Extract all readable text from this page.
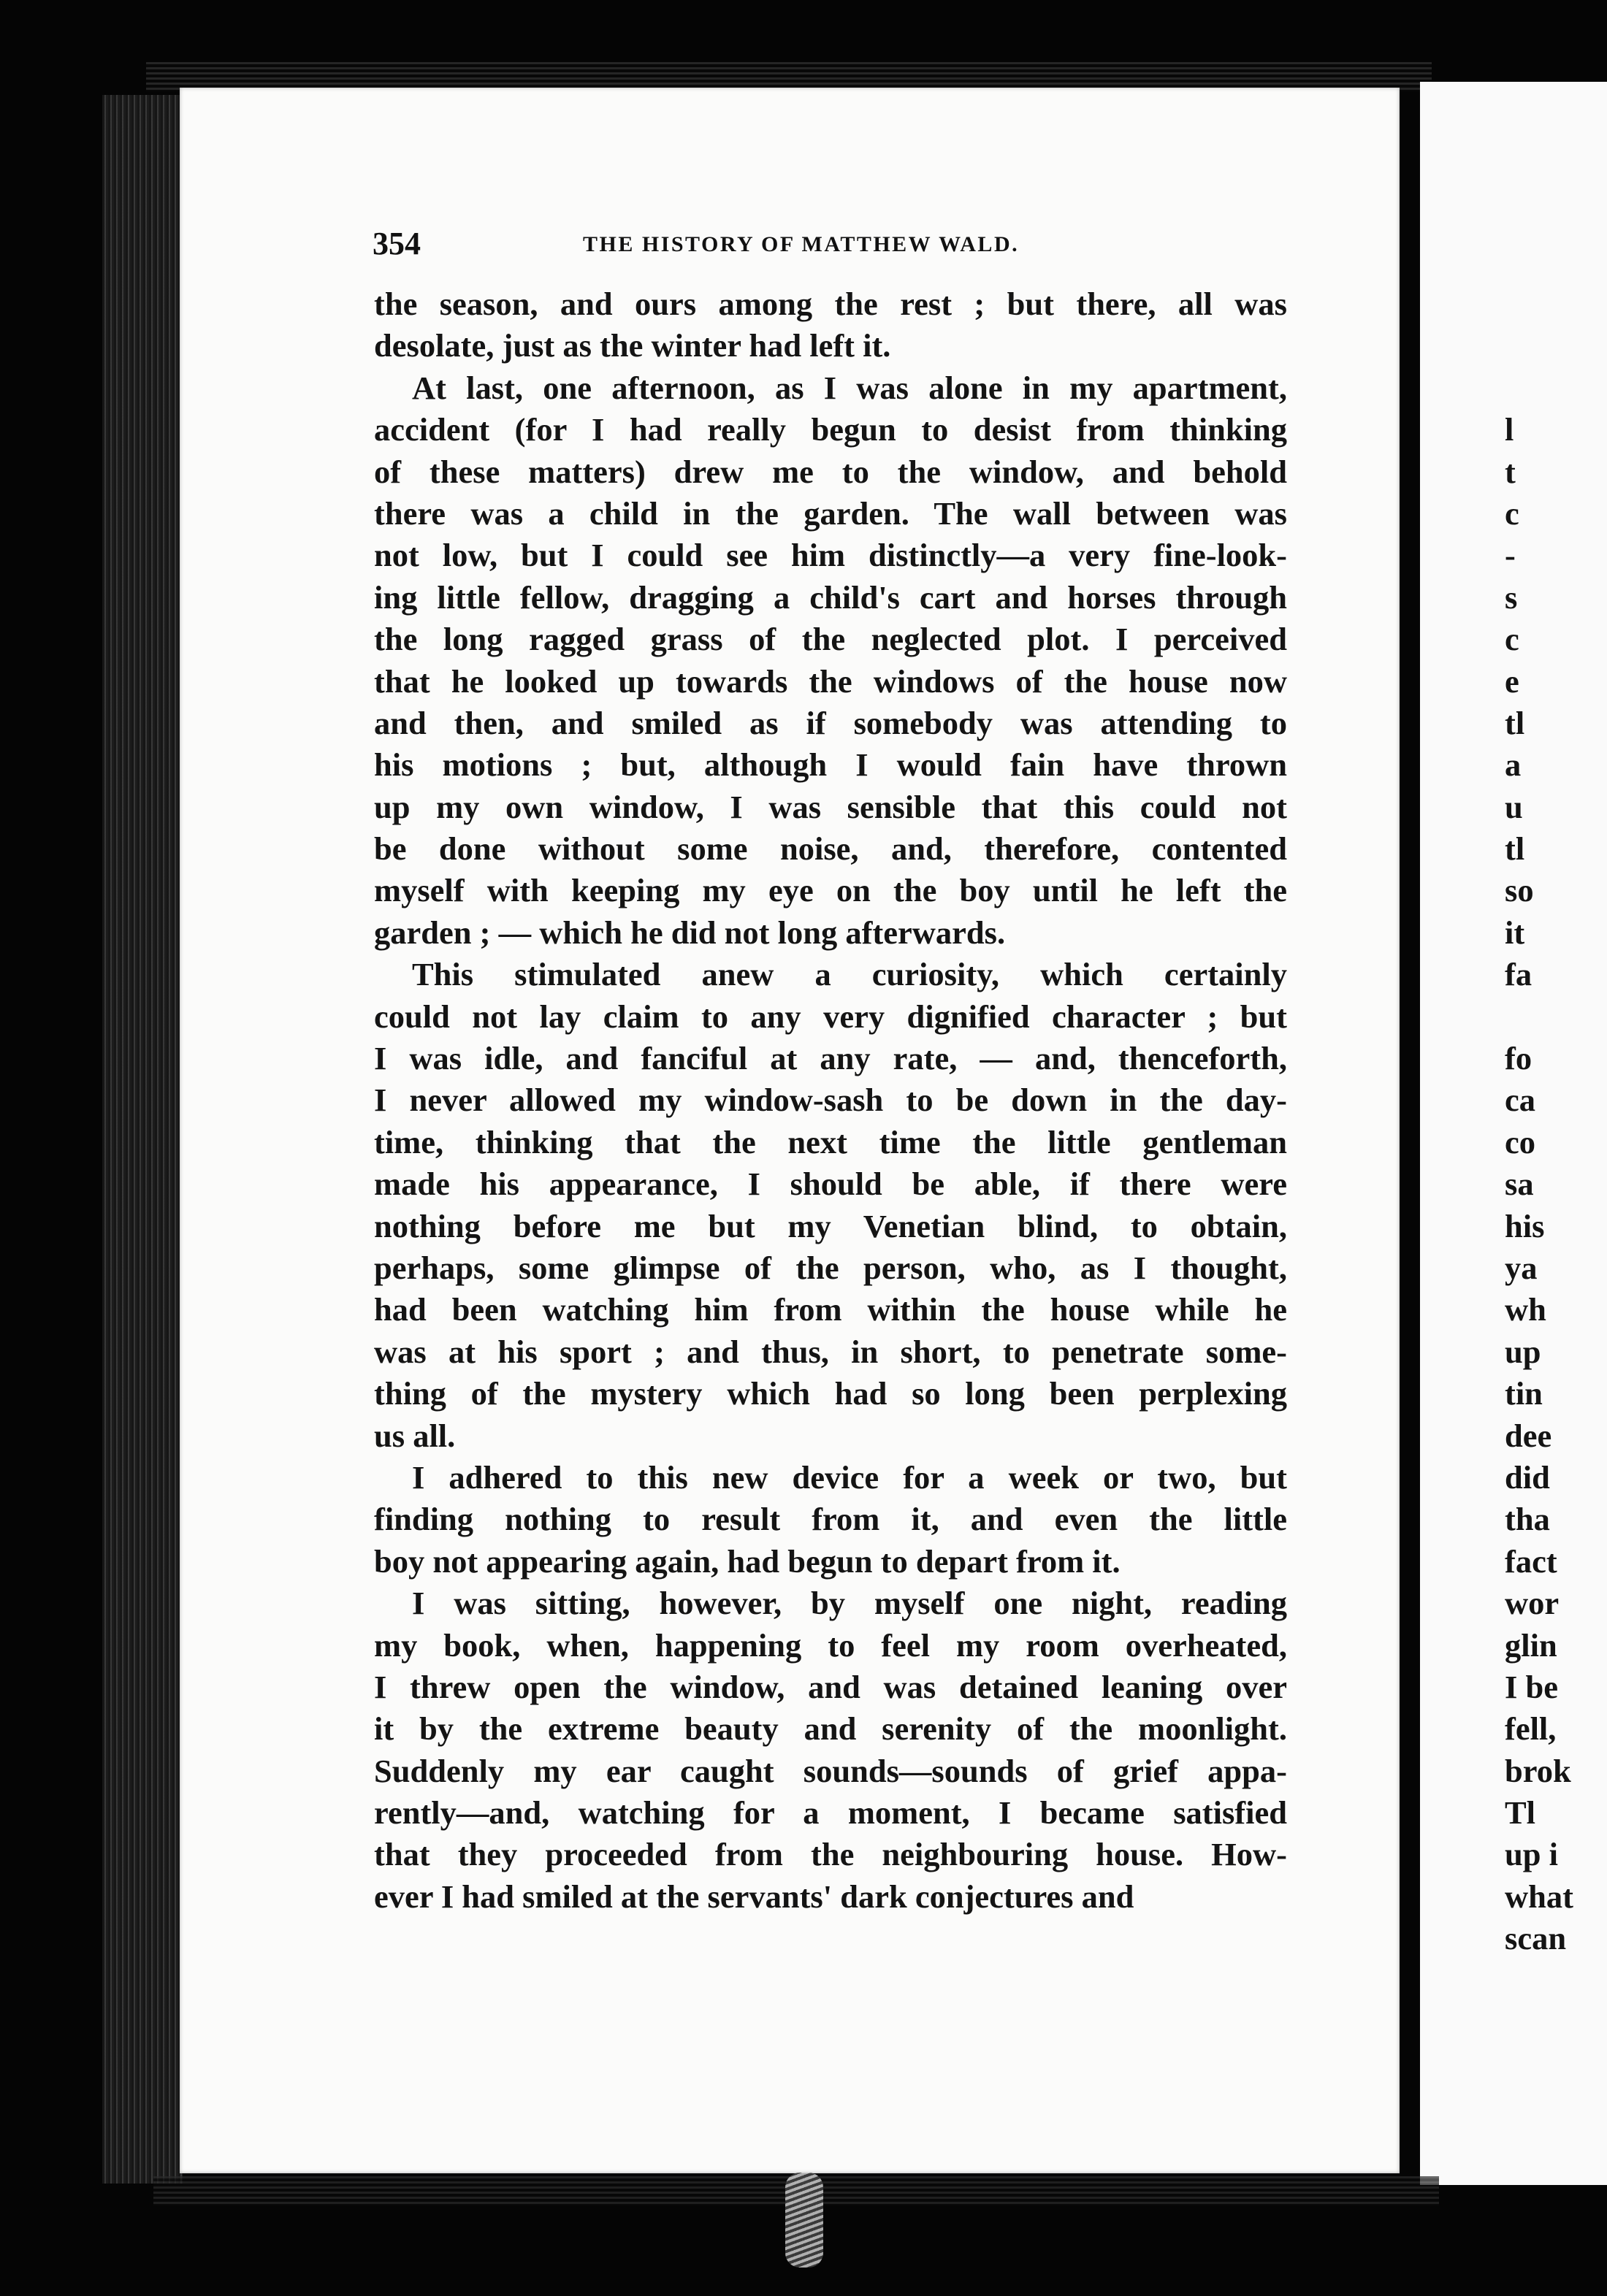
354	THE HISTORY OF MATTHEW WALD.
the season, and ours among the rest ; but there, all was
desolate, just as the winter had left it.
At last, one afternoon, as I was alone in my apartment,
accident (for I had really begun to desist from thinking
of these matters) drew me to the window, and behold
there was a child in the garden. The wall between was
not low, but I could see him distinctly—a very fine-look-
ing little fellow, dragging a child's cart and horses through
the long ragged grass of the neglected plot. I perceived
that he looked up towards the windows of the house now
and then, and smiled as if somebody was attending to
his motions ; but, although I would fain have thrown
up my own window, I was sensible that this could not
be done without some noise, and, therefore, contented
myself with keeping my eye on the boy until he left the
garden ; — which he did not long afterwards.
This stimulated anew a curiosity, which certainly
could not lay claim to any very dignified character ; but
I was idle, and fanciful at any rate, — and, thenceforth,
I never allowed my window-sash to be down in the day-
time, thinking that the next time the little gentleman
made his appearance, I should be able, if there were
nothing before me but my Venetian blind, to obtain,
perhaps, some glimpse of the person, who, as I thought,
had been watching him from within the house while he
was at his sport ; and thus, in short, to penetrate some-
thing of the mystery which had so long been perplexing
us all.
I adhered to this new device for a week or two, but
finding nothing to result from it, and even the little
boy not appearing again, had begun to depart from it.
I was sitting, however, by myself one night, reading
my book, when, happening to feel my room overheated,
I threw open the window, and was detained leaning over
it by the extreme beauty and serenity of the moonlight.
Suddenly my ear caught sounds—sounds of grief appa-
rently—and, watching for a moment, I became satisfied
that they proceeded from the neighbouring house. How-
ever I had smiled at the servants' dark conjectures and
l
t
c
-
s
c
e
tl
a
u
tl
so
it
fa
fo
ca
co
sa
his
ya
wh
up
tin
dee
did
tha
fact
wor
glin
I be
fell,
brok
Tl
up i
what
scan
